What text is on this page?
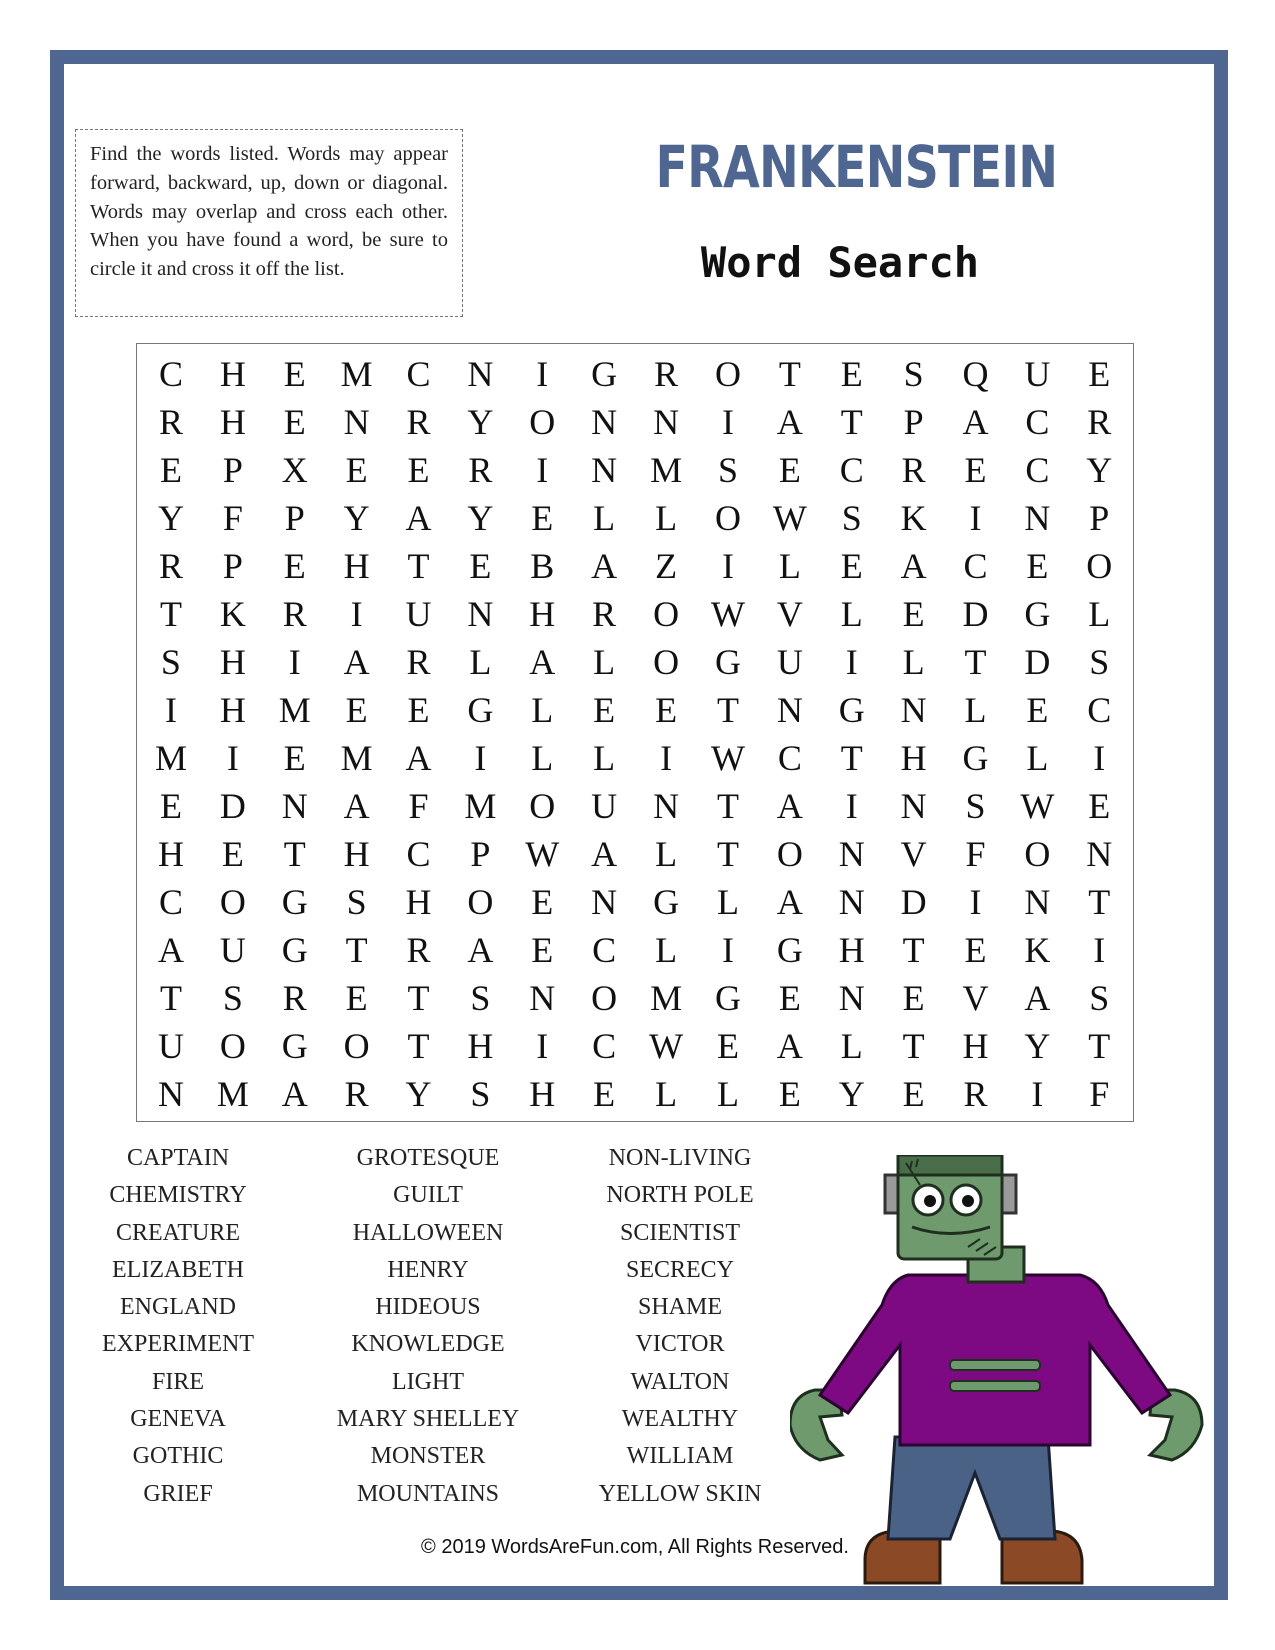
Find the words listed. Words may appear forward, backward, up, down or diagonal. Words may overlap and cross each other. When you have found a word, be sure to circle it and cross it off the list.
FRANKENSTEIN
Word Search
C	H	E M C	N	I	G	R	O	T	E	S	Q U	E
R	H	E	N	R	Y O N N	I	A	T	P	A	C	R
E	P	X	E	E	R	I	N M S	E	C	R	E	C	Y
Y	F	P	Y A Y	E	L	L	O W S	K	I	N	P
R	P	E	H	T	E	B	A	Z	I	L	E	A	C	E	O
T	K	R	I	U N H	R	O W V	L	E	D G	L
S	H	I	A	R	L	A	L	O G U	I	L	T	D	S
I	H M E	E	G	L	E	E	T	N G N	L	E	C
M	I	E M A	I	L	L	I	W C	T	H G	L	I
E	D N A	F M O U N	T	A	I	N	S W E
H	E	T	H	C	P W A	L	T	O N V	F	O N
C	O G	S	H O	E	N G	L	A N D	I	N	T
A U G	T	R	A	E	C	L	I	G H	T	E	K	I
T	S	R	E	T	S	N O M G	E	N	E	V A	S
U O G O	T	H	I	C W E	A	L	T	H Y	T
N M A	R	Y	S	H	E	L	L	E	Y	E	R	I	F
CAPTAIN
CHEMISTRY
CREATURE
ELIZABETH
ENGLAND
EXPERIMENT
FIRE
GENEVA
GOTHIC
GRIEF
GROTESQUE
GUILT
HALLOWEEN
HENRY
HIDEOUS
KNOWLEDGE
LIGHT
MARY SHELLEY
MONSTER
MOUNTAINS
NON-LIVING
NORTH POLE
SCIENTIST
SECRECY
SHAME
VICTOR
WALTON
WEALTHY
WILLIAM
YELLOW SKIN
© 2019 WordsAreFun.com, All Rights Reserved.
